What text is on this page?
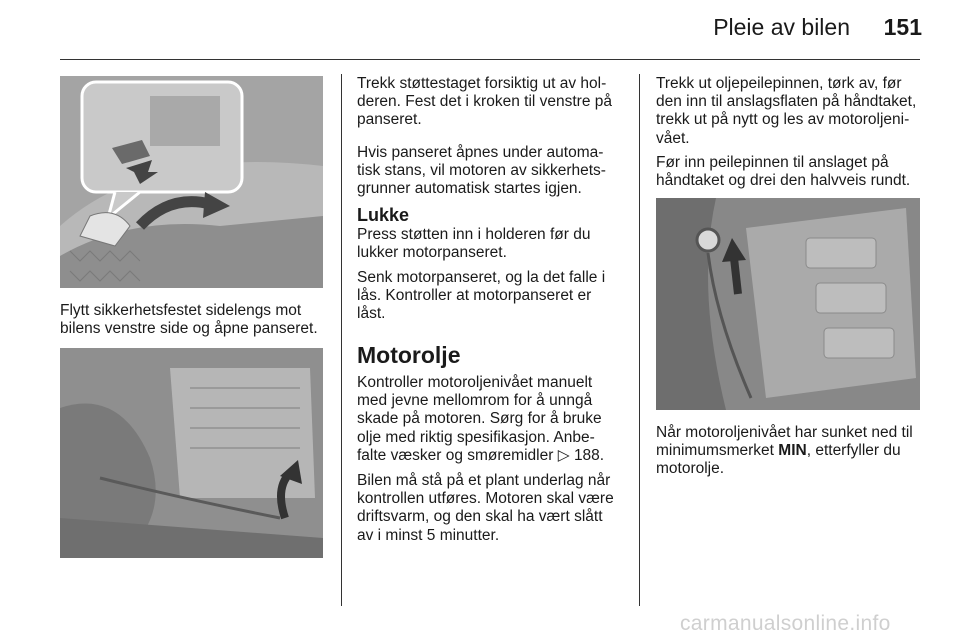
Pleie av bilen	151
Flytt sikkerhetsfestet sidelengs mot
bilens venstre side og åpne panseret.
Trekk støttestaget forsiktig ut av hol-
deren. Fest det i kroken til venstre på
panseret.
Hvis panseret åpnes under automa-
tisk stans, vil motoren av sikkerhets-
grunner automatisk startes igjen.
Lukke
Press støtten inn i holderen før du
lukker motorpanseret.
Senk motorpanseret, og la det falle i
lås. Kontroller at motorpanseret er
låst.
Motorolje
Kontroller motoroljenivået manuelt
med jevne mellomrom for å unngå
skade på motoren. Sørg for å bruke
olje med riktig spesifikasjon. Anbe-
falte væsker og smøremidler ▷ 188.
Bilen må stå på et plant underlag når
kontrollen utføres. Motoren skal være
driftsvarm, og den skal ha vært slått
av i minst 5 minutter.
Trekk ut oljepeilepinnen, tørk av, før
den inn til anslagsflaten på håndtaket,
trekk ut på nytt og les av motoroljeni-
vået.
Før inn peilepinnen til anslaget på
håndtaket og drei den halvveis rundt.
Når motoroljenivået har sunket ned til
minimumsmerket MIN, etterfyller du
motorolje.
carmanualsonline.info
